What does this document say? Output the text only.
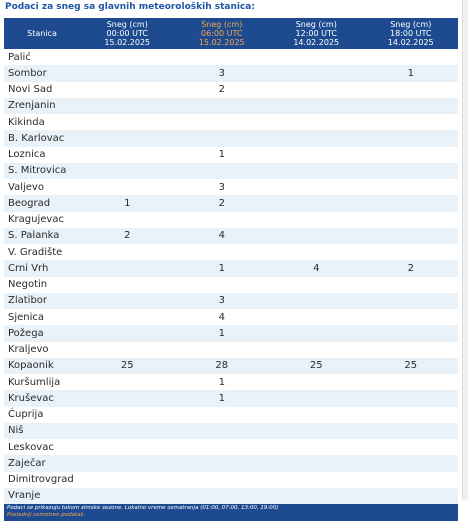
Podaci za sneg sa glavnih meteoroloških stanica:
Stanica	Sneg (cm)
00:00 UTC
15.02.2025	Sneg (cm)
06:00 UTC
15.02.2025	Sneg (cm)
12:00 UTC
14.02.2025	Sneg (cm)
18:00 UTC
14.02.2025

Palić				
Sombor		3		1
Novi Sad		2		
Zrenjanin				
Kikinda				
B. Karlovac				
Loznica		1		
S. Mitrovica				
Valjevo		3		
Beograd	1	2		
Kragujevac				
S. Palanka	2	4		
V. Gradište				
Crni Vrh		1	4	2
Negotin				
Zlatibor		3		
Sjenica		4		
Požega		1		
Kraljevo				
Kopaonik	25	28	25	25
Kuršumlija		1		
Kruševac		1		
Ćuprija				
Niš				
Leskovac				
Zaječar				
Dimitrovgrad				
Vranje				

Podaci se prikazuju tokom zimske sezone. Lokalno vreme osmatranja (01:00, 07:00, 13:00, 19:00)
Poslednji osmotren podatak.				
